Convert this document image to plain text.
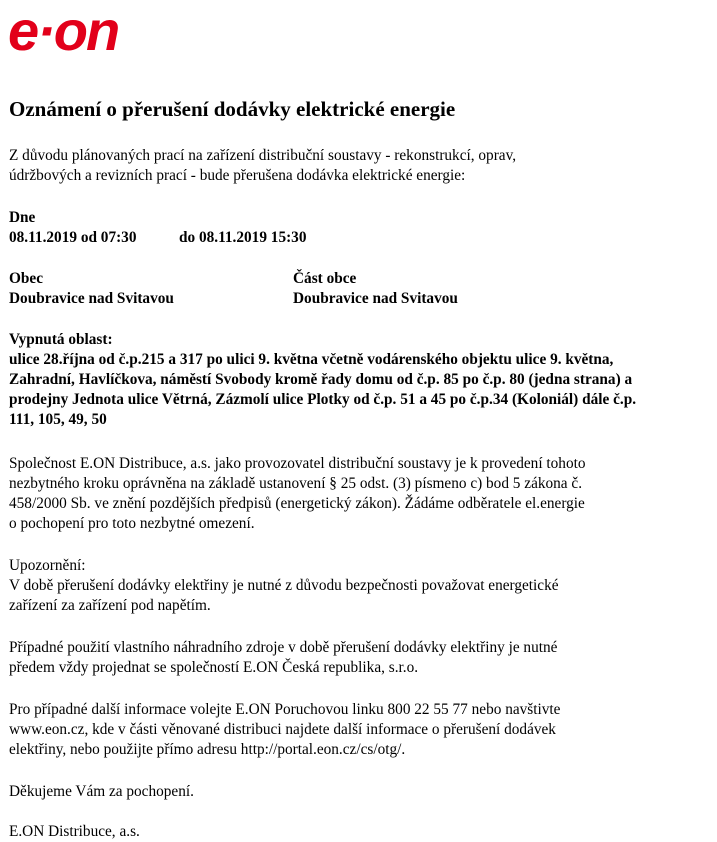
e·on
Oznámení o přerušení dodávky elektrické energie
Z důvodu plánovaných prací na zařízení distribuční soustavy - rekonstrukcí, oprav,
údržbových a revizních prací - bude přerušena dodávka elektrické energie:
Dne
08.11.2019 od 07:30	do 08.11.2019 15:30
Obec	Část obce
Doubravice nad Svitavou	Doubravice nad Svitavou
Vypnutá oblast:
ulice 28.října od č.p.215 a 317 po ulici 9. května včetně vodárenského objektu ulice 9. května,
Zahradní, Havlíčkova, náměstí Svobody kromě řady domu od č.p. 85 po č.p. 80 (jedna strana) a
prodejny Jednota ulice Větrná, Zázmolí ulice Plotky od č.p. 51 a 45 po č.p.34 (Koloniál) dále č.p.
111, 105, 49, 50
Společnost E.ON Distribuce, a.s. jako provozovatel distribuční soustavy je k provedení tohoto
nezbytného kroku oprávněna na základě ustanovení § 25 odst. (3) písmeno c) bod 5 zákona č.
458/2000 Sb. ve znění pozdějších předpisů (energetický zákon). Žádáme odběratele el.energie
o pochopení pro toto nezbytné omezení.
Upozornění:
V době přerušení dodávky elektřiny je nutné z důvodu bezpečnosti považovat energetické
zařízení za zařízení pod napětím.
Případné použití vlastního náhradního zdroje v době přerušení dodávky elektřiny je nutné
předem vždy projednat se společností E.ON Česká republika, s.r.o.
Pro případné další informace volejte E.ON Poruchovou linku 800 22 55 77 nebo navštivte
www.eon.cz, kde v části věnované distribuci najdete další informace o přerušení dodávek
elektřiny, nebo použijte přímo adresu http://portal.eon.cz/cs/otg/.
Děkujeme Vám za pochopení.
E.ON Distribuce, a.s.
